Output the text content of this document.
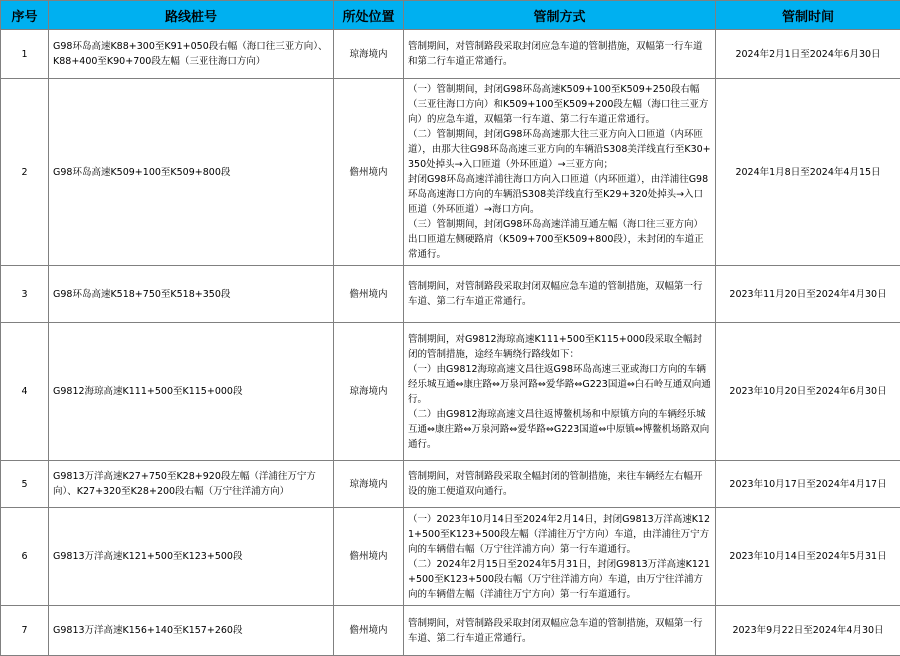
序号	路线桩号	所处位置	管制方式	管制时间
1	G98环岛高速K88+300至K91+050段右幅（海口往三亚方向）、K88+400至K90+700段左幅（三亚往海口方向）	琼海境内	管制期间，对管制路段采取封闭应急车道的管制措施，双幅第一行车道和第二行车道正常通行。	2024年2月1日至2024年6月30日
2	G98环岛高速K509+100至K509+800段	儋州境内	（一）管制期间，封闭G98环岛高速K509+100至K509+250段右幅（三亚往海口方向）和K509+100至K509+200段左幅（海口往三亚方向）的应急车道，双幅第一行车道、第二行车道正常通行。
（二）管制期间，封闭G98环岛高速那大往三亚方向入口匝道（内环匝道），由那大往G98环岛高速三亚方向的车辆沿S308美洋线直行至K30+350处掉头→入口匝道（外环匝道）→三亚方向；
封闭G98环岛高速洋浦往海口方向入口匝道（内环匝道），由洋浦往G98环岛高速海口方向的车辆沿S308美洋线直行至K29+320处掉头→入口匝道（外环匝道）→海口方向。
（三）管制期间，封闭G98环岛高速洋浦互通左幅（海口往三亚方向）出口匝道左侧硬路肩（K509+700至K509+800段），未封闭的车道正常通行。	2024年1月8日至2024年4月15日
3	G98环岛高速K518+750至K518+350段	儋州境内	管制期间，对管制路段采取封闭双幅应急车道的管制措施，双幅第一行车道、第二行车道正常通行。	2023年11月20日至2024年4月30日
4	G9812海琼高速K111+500至K115+000段	琼海境内	管制期间，对G9812海琼高速K111+500至K115+000段采取全幅封闭的管制措施，途经车辆绕行路线如下：
（一）由G9812海琼高速文昌往返G98环岛高速三亚或海口方向的车辆经乐城互通⇔康庄路⇔万泉河路⇔爱华路⇔G223国道⇔白石岭互通双向通行。
（二）由G9812海琼高速文昌往返博鳌机场和中原镇方向的车辆经乐城互通⇔康庄路⇔万泉河路⇔爱华路⇔G223国道⇔中原镇⇔博鳌机场路双向通行。	2023年10月20日至2024年6月30日
5	G9813万洋高速K27+750至K28+920段左幅（洋浦往万宁方向）、K27+320至K28+200段右幅（万宁往洋浦方向）	琼海境内	管制期间，对管制路段采取全幅封闭的管制措施，来往车辆经左右幅开设的施工便道双向通行。	2023年10月17日至2024年4月17日
6	G9813万洋高速K121+500至K123+500段	儋州境内	（一）2023年10月14日至2024年2月14日，封闭G9813万洋高速K121+500至K123+500段左幅（洋浦往万宁方向）车道，由洋浦往万宁方向的车辆借右幅（万宁往洋浦方向）第一行车道通行。
（二）2024年2月15日至2024年5月31日，封闭G9813万洋高速K121+500至K123+500段右幅（万宁往洋浦方向）车道，由万宁往洋浦方向的车辆借左幅（洋浦往万宁方向）第一行车道通行。	2023年10月14日至2024年5月31日
7	G9813万洋高速K156+140至K157+260段	儋州境内	管制期间，对管制路段采取封闭双幅应急车道的管制措施，双幅第一行车道、第二行车道正常通行。	2023年9月22日至2024年4月30日
